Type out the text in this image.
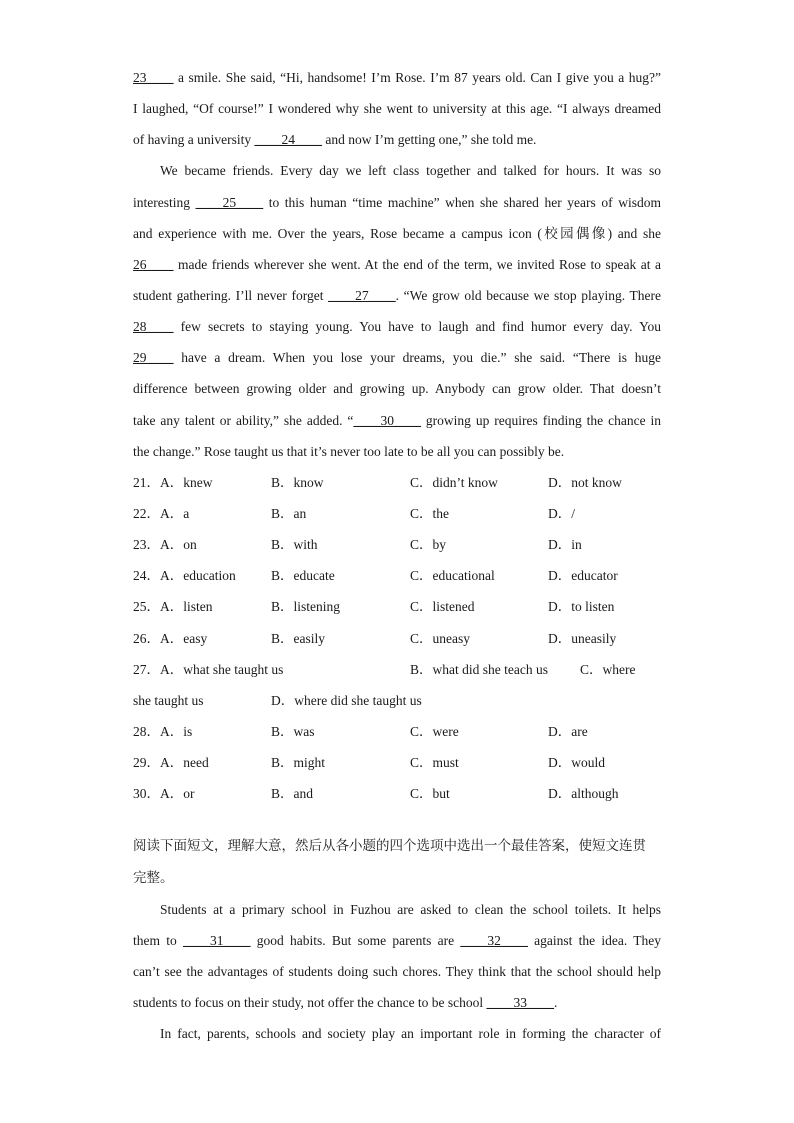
23____ a smile. She said, “Hi, handsome! I’m Rose. I’m 87 years old. Can I give you a hug?”
I laughed, “Of course!” I wondered why she went to university at this age. “I always dreamed
of having a university ____24____ and now I’m getting one,” she told me.
We became friends. Every day we left class together and talked for hours. It was so
interesting ____25____ to this human “time machine” when she shared her years of wisdom
and experience with me. Over the years, Rose became a campus icon (校园偶像) and she
26____ made friends wherever she went. At the end of the term, we invited Rose to speak at a
student gathering. I’ll never forget ____27____. “We grow old because we stop playing. There
28____ few secrets to staying young. You have to laugh and find humor every day. You
29____ have a dream. When you lose your dreams, you die.” she said. “There is huge
difference between growing older and growing up. Anybody can grow older. That doesn’t
take any talent or ability,” she added. “____30____ growing up requires finding the chance in
the change.” Rose taught us that it’s never too late to be all you can possibly be.
21．A．knew	B．know	C．didn’t know	D．not know
22．A．a	B．an	C．the	D．/
23．A．on	B．with	C．by	D．in
24．A．education	B．educate	C．educational	D．educator
25．A．listen	B．listening	C．listened	D．to listen
26．A．easy	B．easily	C．uneasy	D．uneasily
27．A．what she taught us	B．what did she teach us C．where
she taught us	D．where did she taught us
28．A．is	B．was	C．were	D．are
29．A．need	B．might	C．must	D．would
30．A．or	B．and	C．but	D．although
阅读下面短文，理解大意，然后从各小题的四个选项中选出一个最佳答案，使短文连贯
完整。
Students at a primary school in Fuzhou are asked to clean the school toilets. It helps
them to ____31____ good habits. But some parents are ____32____ against the idea. They
can’t see the advantages of students doing such chores. They think that the school should help
students to focus on their study, not offer the chance to be school ____33____.
In fact, parents, schools and society play an important role in forming the character of
